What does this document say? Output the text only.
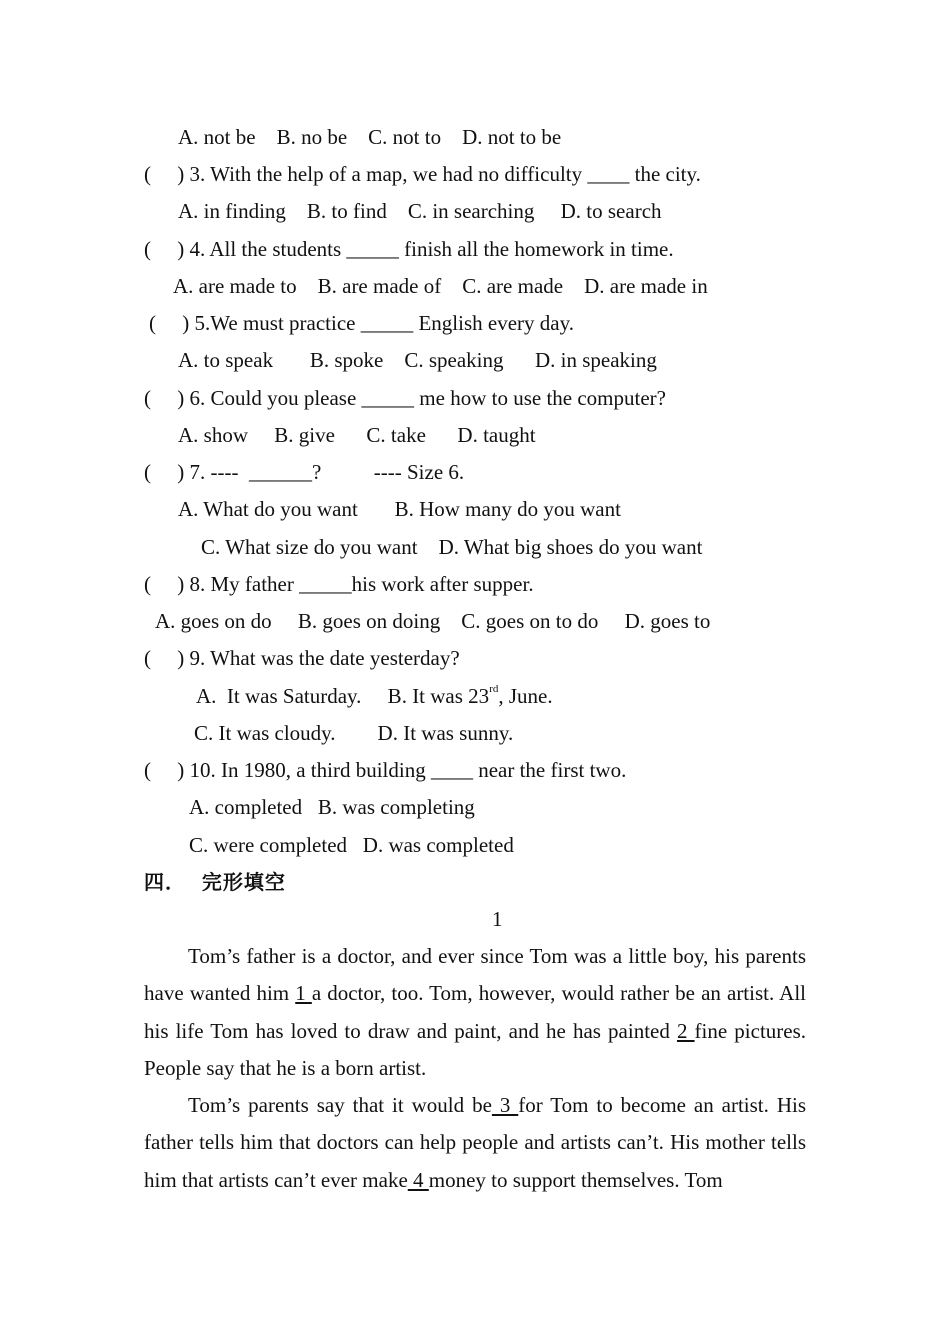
A. not be    B. no be    C. not to    D. not to be
(     ) 3. With the help of a map, we had no difficulty ____ the city.
A. in finding    B. to find    C. in searching     D. to search
(     ) 4. All the students _____ finish all the homework in time.
A. are made to    B. are made of    C. are made    D. are made in
(     ) 5.We must practice _____ English every day.
A. to speak       B. spoke    C. speaking      D. in speaking
(     ) 6. Could you please _____ me how to use the computer?
A. show     B. give      C. take      D. taught
(     ) 7. ----  ______?          ---- Size 6.
A. What do you want       B. How many do you want
C. What size do you want    D. What big shoes do you want
(     ) 8. My father _____his work after supper.
A. goes on do     B. goes on doing    C. goes on to do     D. goes to
(     ) 9. What was the date yesterday?
A.  It was Saturday.     B. It was 23rd, June.
C. It was cloudy.        D. It was sunny.
(     ) 10. In 1980, a third building ____ near the first two.
A. completed   B. was completing
C. were completed   D. was completed
四．  完形填空
1
Tom’s father is a doctor, and ever since Tom was a little boy, his parents have wanted him 1 a doctor, too. Tom, however, would rather be an artist. All his life Tom has loved to draw and paint, and he has painted 2 fine pictures. People say that he is a born artist.
Tom’s parents say that it would be 3 for Tom to become an artist. His father tells him that doctors can help people and artists can’t. His mother tells him that artists can’t ever make 4 money to support themselves. Tom
